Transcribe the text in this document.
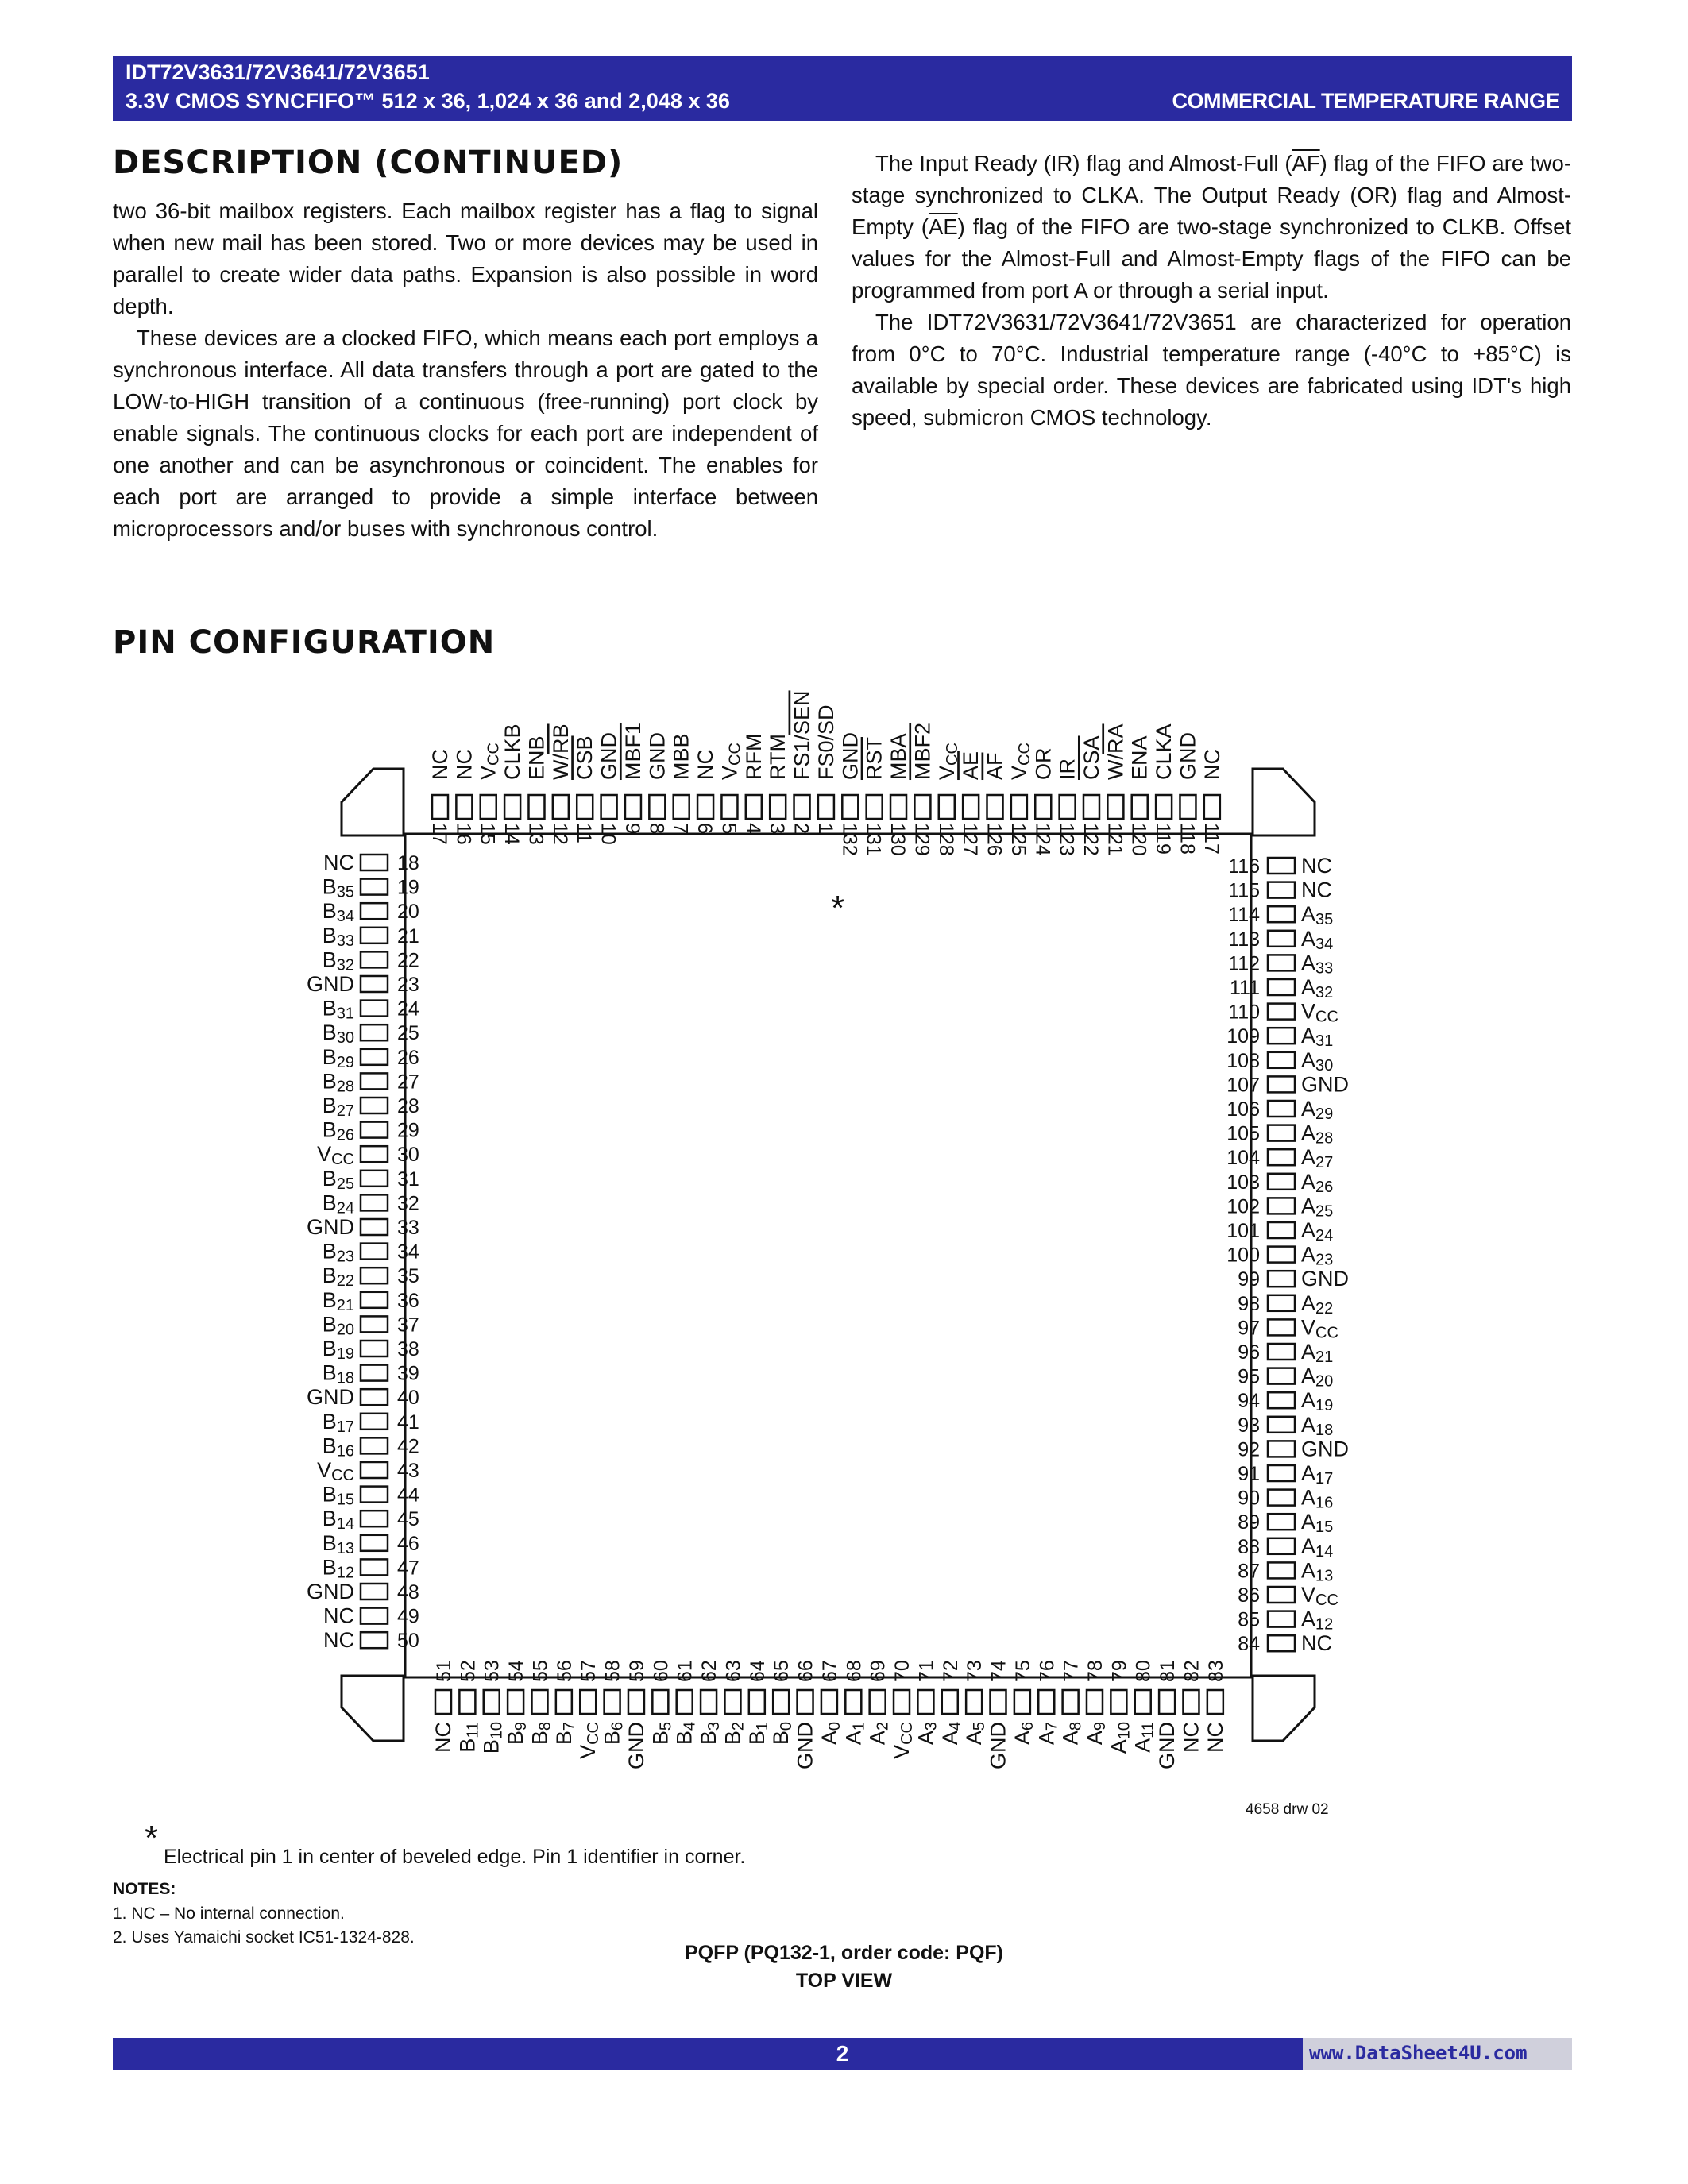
IDT72V3631/72V3641/72V3651
3.3V CMOS SYNCFIFO™ 512 x 36, 1,024 x 36 and 2,048 x 36	COMMERCIAL TEMPERATURE RANGE
DESCRIPTION (CONTINUED)

two 36-bit mailbox registers. Each mailbox register has a flag to signal when new mail has been stored. Two or more devices may be used in parallel to create wider data paths. Expansion is also possible in word depth.

These devices are a clocked FIFO, which means each port employs a synchronous interface. All data transfers through a port are gated to the LOW-to-HIGH transition of a continuous (free-running) port clock by enable signals. The continuous clocks for each port are independent of one another and can be asynchronous or coincident. The enables for each port are arranged to provide a simple interface between microprocessors and/or buses with synchronous control.

The Input Ready (IR) flag and Almost-Full $(\overline{AF})$ flag of the FIFO are two-stage synchronized to CLKA. The Output Ready (OR) flag and Almost-Empty $(\overline{AE})$ flag of the FIFO are two-stage synchronized to CLKB. Offset values for the Almost-Full and Almost-Empty flags of the FIFO can be programmed from port A or through a serial input.

The IDT72V3631/72V3641/72V3651 are characterized for operation from 0°C to 70°C. Industrial temperature range (-40°C to +85°C) is available by special order. These devices are fabricated using IDT's high speed, submicron CMOS technology.

PIN CONFIGURATION
NC
17
NC
16
VCC
15
CLKB
14
ENB
13
W/RB
12
CSB
11
GND
10
MBF1
9
GND
8
MBB
7
NC
6
VCC
5
RFM
4
RTM
3
FS1/SEN
2
FS0/SD
1
GND
132
RST
131
MBA
130
MBF2
129
VCC
128
AE
127
AF
126
VCC
125
OR
124
IR
123
CSA
122
W/RA
121
ENA
120
CLKA
119
GND
118
NC
117
NC 18
B35 19
B34 20
B33 21
B32 22
GND 23
B31 24
B30 25
B29 26
B28 27
B27 28
B26 29
VCC 30
B25 31
B24 32
GND 33
B23 34
B22 35
B21 36
B20 37
B19 38
B18 39
GND 40
B17 41
B16 42
VCC 43
B15 44
B14 45
B13 46
B12 47
GND 48
NC 49
NC 50
NC
116
NC
115
A35
114
A34
113
A33
112
A32
111
VCC
110
A31
109
A30
108
GND
107
A29
106
A28
105
A27
104
A26
103
A25
102
A24
101
A23
100
GND
99
A22
98
VCC
97
A21
96
A20
95
A19
94
A18
93
GND
92
A17
91
A16
90
A15
89
A14
88
A13
87
VCC
86
A12
85
NC
84
51
NC
52
B11
53
B10
54
B9
55
B8
56
B7
57
VCC
58
B6
59
GND
60
B5
61
B4
62
B3
63
B2
64
B1
65
B0
66
GND
67
A0
68
A1
69
A2
70
VCC
71
A3
72
A4
73
A5
74
GND
75
A6
76
A7
77
A8
78
A9
79
A10
80
A11
81
GND
82
NC
83
NC
*
4658 drw 02
* Electrical pin 1 in center of beveled edge. Pin 1 identifier in corner.
NOTES:
1. NC – No internal connection.
2. Uses Yamaichi socket IC51-1324-828.
PQFP (PQ132-1, order code: PQF)
TOP VIEW
2	www.DataSheet4U.com
